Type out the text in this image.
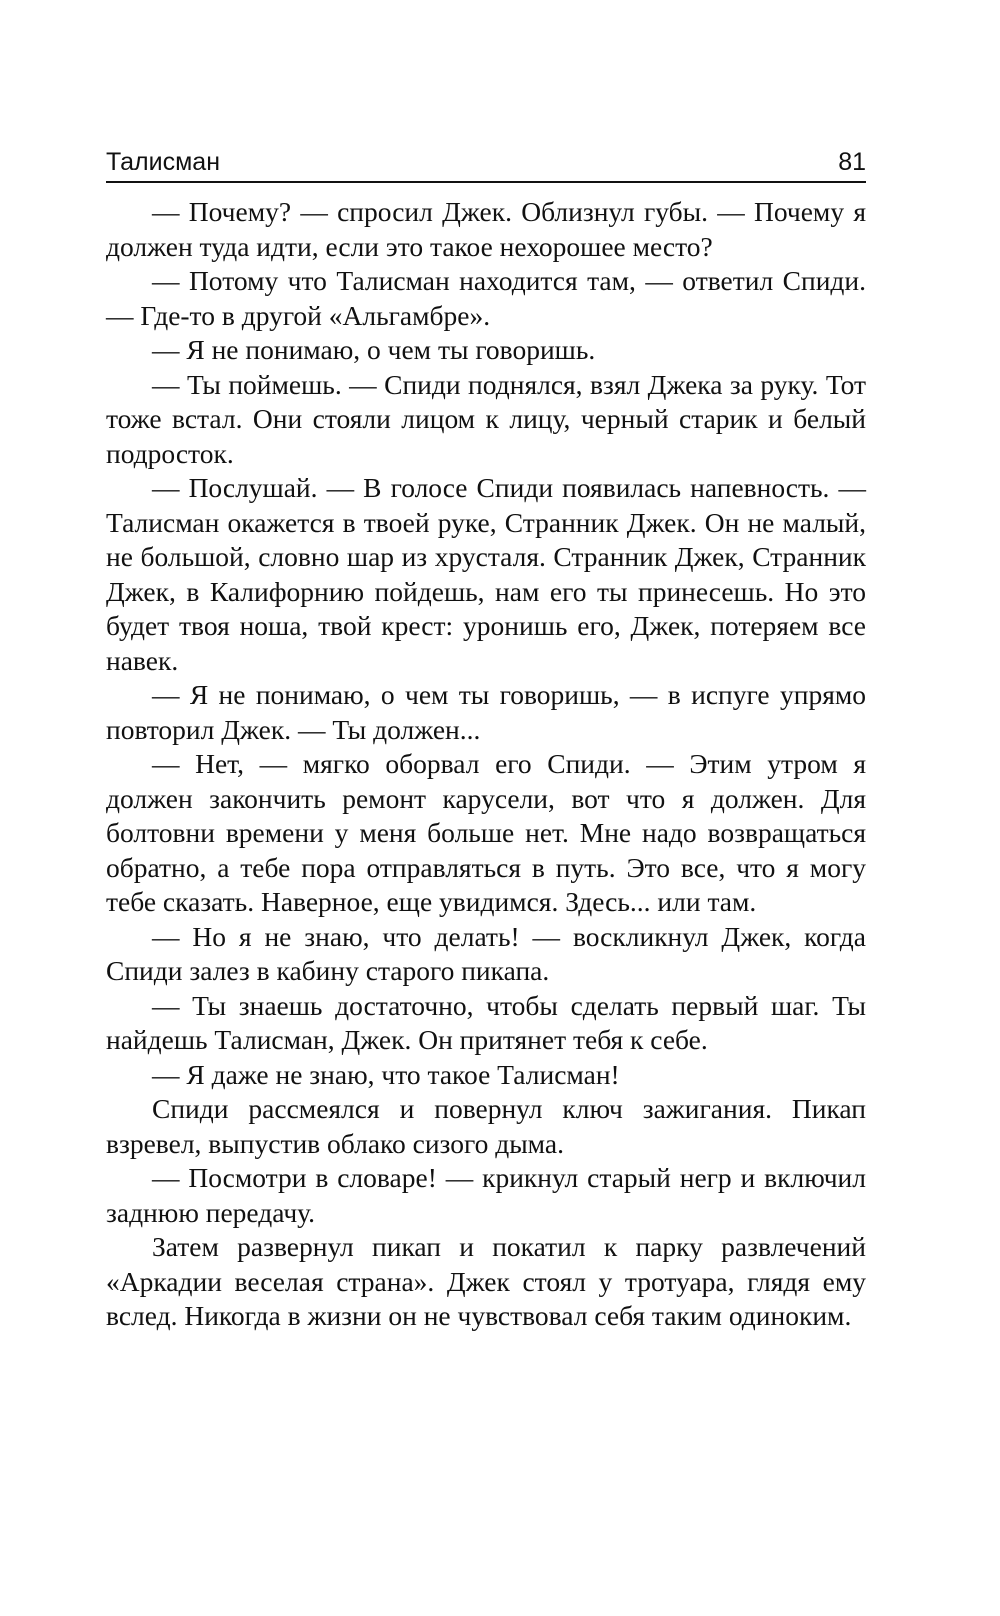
Талисман	81

— Почему? — спросил Джек. Облизнул губы. — Почему я должен туда идти, если это такое нехорошее место?

— Потому что Талисман находится там, — ответил Спиди. — Где-то в другой «Альгамбре».

— Я не понимаю, о чем ты говоришь.

— Ты поймешь. — Спиди поднялся, взял Джека за руку. Тот тоже встал. Они стояли лицом к лицу, черный старик и белый подросток.

— Послушай. — В голосе Спиди появилась напевность. — Талисман окажется в твоей руке, Странник Джек. Он не малый, не большой, словно шар из хрусталя. Странник Джек, Странник Джек, в Калифорнию пойдешь, нам его ты принесешь. Но это будет твоя ноша, твой крест: уронишь его, Джек, потеряем все навек.

— Я не понимаю, о чем ты говоришь, — в испуге упрямо повторил Джек. — Ты должен...

— Нет, — мягко оборвал его Спиди. — Этим утром я должен закончить ремонт карусели, вот что я должен. Для болтовни времени у меня больше нет. Мне надо возвращаться обратно, а тебе пора отправляться в путь. Это все, что я могу тебе сказать. Наверное, еще увидимся. Здесь... или там.

— Но я не знаю, что делать! — воскликнул Джек, когда Спиди залез в кабину старого пикапа.

— Ты знаешь достаточно, чтобы сделать первый шаг. Ты найдешь Талисман, Джек. Он притянет тебя к себе.

— Я даже не знаю, что такое Талисман!

Спиди рассмеялся и повернул ключ зажигания. Пикап взревел, выпустив облако сизого дыма.

— Посмотри в словаре! — крикнул старый негр и включил заднюю передачу.

Затем развернул пикап и покатил к парку развлечений «Аркадии веселая страна». Джек стоял у тротуара, глядя ему вслед. Никогда в жизни он не чувствовал себя таким одиноким.
